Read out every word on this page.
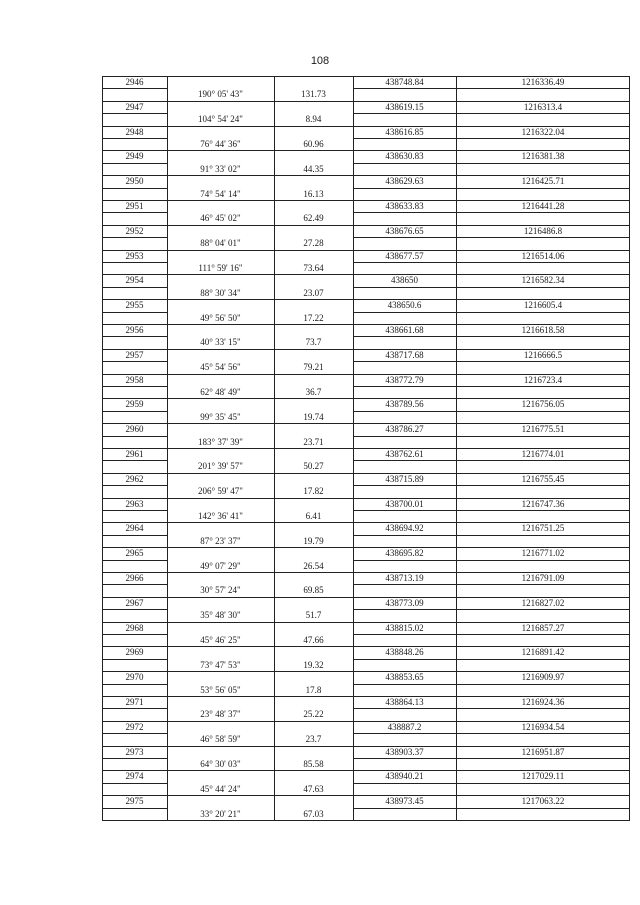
108
2946	438748.84	1216336.49
190° 05' 43"	131.73
2947	438619.15	1216313.4
104° 54' 24"	8.94
2948	438616.85	1216322.04
76° 44' 36"	60.96
2949	438630.83	1216381.38
91° 33' 02"	44.35
2950	438629.63	1216425.71
74° 54' 14"	16.13
2951	438633.83	1216441.28
46° 45' 02"	62.49
2952	438676.65	1216486.8
88° 04' 01"	27.28
2953	438677.57	1216514.06
111° 59' 16"	73.64
2954	438650	1216582.34
88° 30' 34"	23.07
2955	438650.6	1216605.4
49° 56' 50"	17.22
2956	438661.68	1216618.58
40° 33' 15"	73.7
2957	438717.68	1216666.5
45° 54' 56"	79.21
2958	438772.79	1216723.4
62° 48' 49"	36.7
2959	438789.56	1216756.05
99° 35' 45"	19.74
2960	438786.27	1216775.51
183° 37' 39"	23.71
2961	438762.61	1216774.01
201° 39' 57"	50.27
2962	438715.89	1216755.45
206° 59' 47"	17.82
2963	438700.01	1216747.36
142° 36' 41"	6.41
2964	438694.92	1216751.25
87° 23' 37"	19.79
2965	438695.82	1216771.02
49° 07' 29"	26.54
2966	438713.19	1216791.09
30° 57' 24"	69.85
2967	438773.09	1216827.02
35° 48' 30"	51.7
2968	438815.02	1216857.27
45° 46' 25"	47.66
2969	438848.26	1216891.42
73° 47' 53"	19.32
2970	438853.65	1216909.97
53° 56' 05"	17.8
2971	438864.13	1216924.36
23° 48' 37"	25.22
2972	438887.2	1216934.54
46° 58' 59"	23.7
2973	438903.37	1216951.87
64° 30' 03"	85.58
2974	438940.21	1217029.11
45° 44' 24"	47.63
2975	438973.45	1217063.22
33° 20' 21"	67.03
